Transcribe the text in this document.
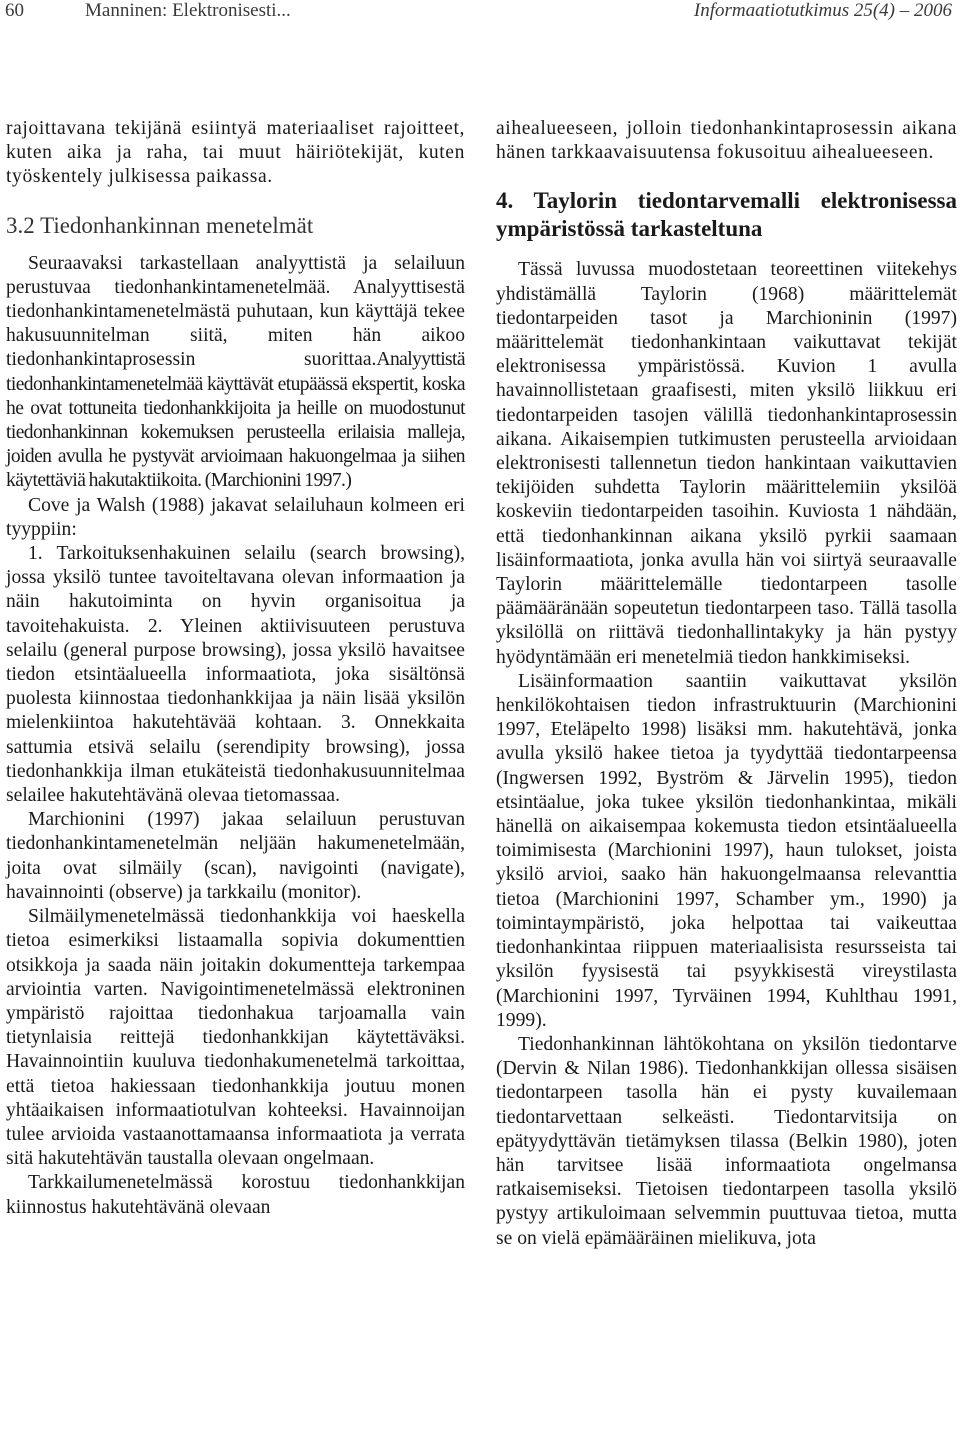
60	Manninen: Elektronisesti...	Informaatiotutkimus 25(4) – 2006

rajoittavana tekijänä esiintyä materiaaliset rajoitteet, kuten aika ja raha, tai muut häiriötekijät, kuten työskentely julkisessa paikassa.

3.2 Tiedonhankinnan menetelmät

Seuraavaksi tarkastellaan analyyttistä ja selailuun perustuvaa tiedonhankintamenetelmää. Analyyttisestä tiedonhankintamenetelmästä puhutaan, kun käyttäjä tekee hakusuunnitelman siitä, miten hän aikoo tiedonhankintaprosessin suorittaa.Analyyttistä tiedonhankintamenetelmää käyttävät etupäässä ekspertit, koska he ovat tottuneita tiedonhankkijoita ja heille on muodostunut tiedonhankinnan kokemuksen perusteella erilaisia malleja, joiden avulla he pystyvät arvioimaan hakuongelmaa ja siihen käytettäviä hakutaktiikoita. (Marchionini 1997.)

Cove ja Walsh (1988) jakavat selailuhaun kolmeen eri tyyppiin:

1. Tarkoituksenhakuinen selailu (search browsing), jossa yksilö tuntee tavoiteltavana olevan informaation ja näin hakutoiminta on hyvin organisoitua ja tavoitehakuista. 2. Yleinen aktiivisuuteen perustuva selailu (general purpose browsing), jossa yksilö havaitsee tiedon etsintäalueella informaatiota, joka sisältönsä puolesta kiinnostaa tiedonhankkijaa ja näin lisää yksilön mielenkiintoa hakutehtävää kohtaan. 3. Onnekkaita sattumia etsivä selailu (serendipity browsing), jossa tiedonhankkija ilman etukäteistä tiedonhakusuunnitelmaa selailee hakutehtävänä olevaa tietomassaa.

Marchionini (1997) jakaa selailuun perustuvan tiedonhankintamenetelmän neljään hakumenetelmään, joita ovat silmäily (scan), navigointi (navigate), havainnointi (observe) ja tarkkailu (monitor).

Silmäilymenetelmässä tiedonhankkija voi haeskella tietoa esimerkiksi listaamalla sopivia dokumenttien otsikkoja ja saada näin joitakin dokumentteja tarkempaa arviointia varten. Navigointimenetelmässä elektroninen ympäristö rajoittaa tiedonhakua tarjoamalla vain tietynlaisia reittejä tiedonhankkijan käytettäväksi. Havainnointiin kuuluva tiedonhakumenetelmä tarkoittaa, että tietoa hakiessaan tiedonhankkija joutuu monen yhtäaikaisen informaatiotulvan kohteeksi. Havainnoijan tulee arvioida vastaanottamaansa informaatiota ja verrata sitä hakutehtävän taustalla olevaan ongelmaan.

Tarkkailumenetelmässä korostuu tiedonhankkijan kiinnostus hakutehtävänä olevaan

aihealueeseen, jolloin tiedonhankintaprosessin aikana hänen tarkkaavaisuutensa fokusoituu aihealueeseen.

4. Taylorin tiedontarvemalli elektronisessa ympäristössä tarkasteltuna

Tässä luvussa muodostetaan teoreettinen viitekehys yhdistämällä Taylorin (1968) määrittelemät tiedontarpeiden tasot ja Marchioninin (1997) määrittelemät tiedonhankintaan vaikuttavat tekijät elektronisessa ympäristössä. Kuvion 1 avulla havainnollistetaan graafisesti, miten yksilö liikkuu eri tiedontarpeiden tasojen välillä tiedonhankintaprosessin aikana. Aikaisempien tutkimusten perusteella arvioidaan elektronisesti tallennetun tiedon hankintaan vaikuttavien tekijöiden suhdetta Taylorin määrittelemiin yksilöä koskeviin tiedontarpeiden tasoihin. Kuviosta 1 nähdään, että tiedonhankinnan aikana yksilö pyrkii saamaan lisäinformaatiota, jonka avulla hän voi siirtyä seuraavalle Taylorin määrittelemälle tiedontarpeen tasolle päämääränään sopeutetun tiedontarpeen taso. Tällä tasolla yksilöllä on riittävä tiedonhallintakyky ja hän pystyy hyödyntämään eri menetelmiä tiedon hankkimiseksi.

Lisäinformaation saantiin vaikuttavat yksilön henkilökohtaisen tiedon infrastruktuurin (Marchionini 1997, Eteläpelto 1998) lisäksi mm. hakutehtävä, jonka avulla yksilö hakee tietoa ja tyydyttää tiedontarpeensa (Ingwersen 1992, Byström & Järvelin 1995), tiedon etsintäalue, joka tukee yksilön tiedonhankintaa, mikäli hänellä on aikaisempaa kokemusta tiedon etsintäalueella toimimisesta (Marchionini 1997), haun tulokset, joista yksilö arvioi, saako hän hakuongelmaansa relevanttia tietoa (Marchionini 1997, Schamber ym., 1990) ja toimintaympäristö, joka helpottaa tai vaikeuttaa tiedonhankintaa riippuen materiaalisista resursseista tai yksilön fyysisestä tai psyykkisestä vireystilasta (Marchionini 1997, Tyrväinen 1994, Kuhlthau 1991, 1999).

Tiedonhankinnan lähtökohtana on yksilön tiedontarve (Dervin & Nilan 1986). Tiedonhankkijan ollessa sisäisen tiedontarpeen tasolla hän ei pysty kuvailemaan tiedontarvettaan selkeästi. Tiedontarvitsija on epätyydyttävän tietämyksen tilassa (Belkin 1980), joten hän tarvitsee lisää informaatiota ongelmansa ratkaisemiseksi. Tietoisen tiedontarpeen tasolla yksilö pystyy artikuloimaan selvemmin puuttuvaa tietoa, mutta se on vielä epämääräinen mielikuva, jota
